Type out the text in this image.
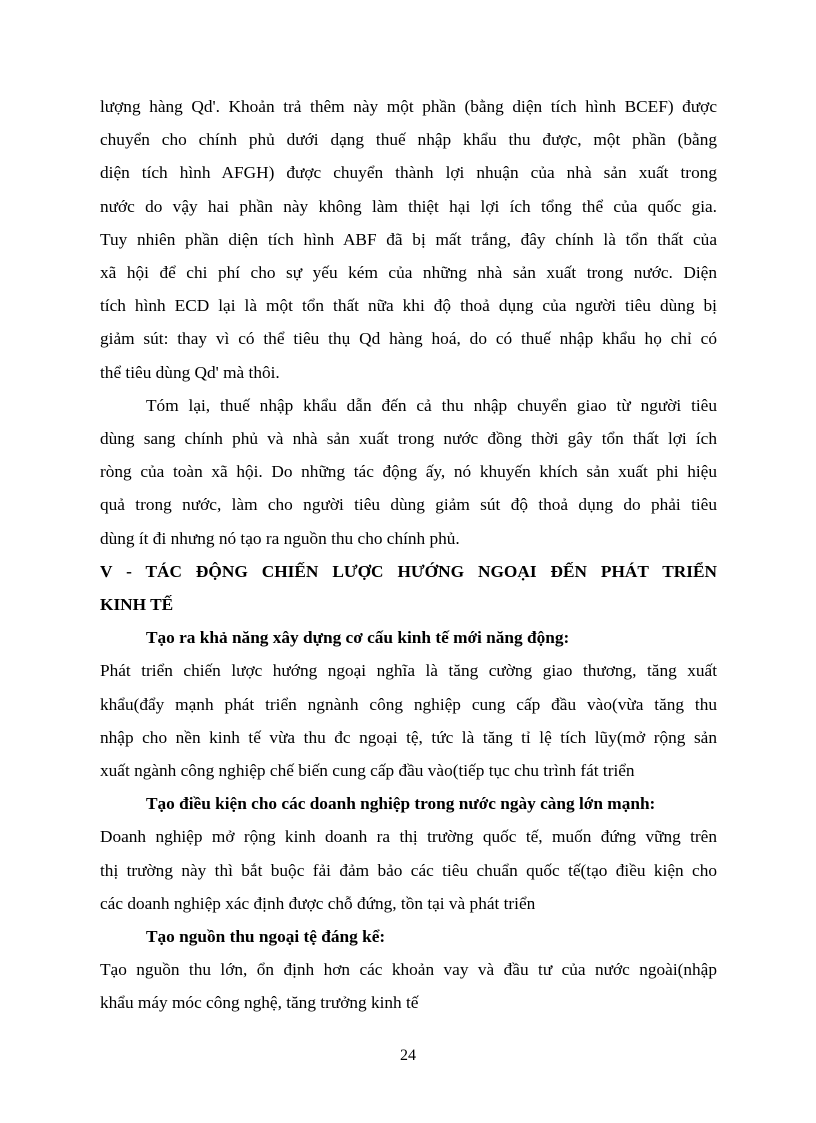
lượng hàng Qd'. Khoản trả thêm này một phần (bằng diện tích hình BCEF) được
chuyển cho chính phủ dưới dạng thuế nhập khẩu thu được, một phần (bằng
diện tích hình AFGH) được chuyển thành lợi nhuận của nhà sản xuất trong
nước do vậy hai phần này không làm thiệt hại lợi ích tổng thể của quốc gia.
Tuy nhiên phần diện tích hình ABF đã bị mất trắng, đây chính là tổn thất của
xã hội để chi phí cho sự yếu kém của những nhà sản xuất trong nước. Diện
tích hình ECD lại là một tổn thất nữa khi độ thoả dụng của người tiêu dùng bị
giảm sút: thay vì có thể tiêu thụ Qd hàng hoá, do có thuế nhập khẩu họ chỉ có
thể tiêu dùng Qd' mà thôi.
Tóm lại, thuế nhập khẩu dẫn đến cả thu nhập chuyển giao từ người tiêu
dùng sang chính phủ và nhà sản xuất trong nước đồng thời gây tổn thất lợi ích
ròng của toàn xã hội. Do những tác động ấy, nó khuyến khích sản xuất phi hiệu
quả trong nước, làm cho người tiêu dùng giảm sút độ thoả dụng do phải tiêu
dùng ít đi nhưng nó tạo ra nguồn thu cho chính phủ.
V - TÁC ĐỘNG CHIẾN LƯỢC HƯỚNG NGOẠI ĐẾN PHÁT TRIỂN
KINH TẾ
Tạo ra khả năng xây dựng cơ cấu kinh tế mới năng động:
Phát triển chiến lược hướng ngoại nghĩa là tăng cường giao thương, tăng xuất
khẩu(đẩy mạnh phát triển ngnành công nghiệp cung cấp đầu vào(vừa tăng thu
nhập cho nền kinh tế vừa thu đc ngoại tệ, tức là tăng tỉ lệ tích lũy(mở rộng sản
xuất ngành công nghiệp chế biến cung cấp đầu vào(tiếp tục chu trình fát triển
Tạo điều kiện cho các doanh nghiệp trong nước ngày càng lớn mạnh:
Doanh nghiệp mở rộng kinh doanh ra thị trường quốc tế, muốn đứng vững trên
thị trường này thì bắt buộc fải đảm bảo các tiêu chuẩn quốc tế(tạo điều kiện cho
các doanh nghiệp xác định được chỗ đứng, tồn tại và phát triển
Tạo nguồn thu ngoại tệ đáng kể:
Tạo nguồn thu lớn, ổn định hơn các khoản vay và đầu tư của nước ngoài(nhập
khẩu máy móc công nghệ, tăng trưởng kinh tế
24
